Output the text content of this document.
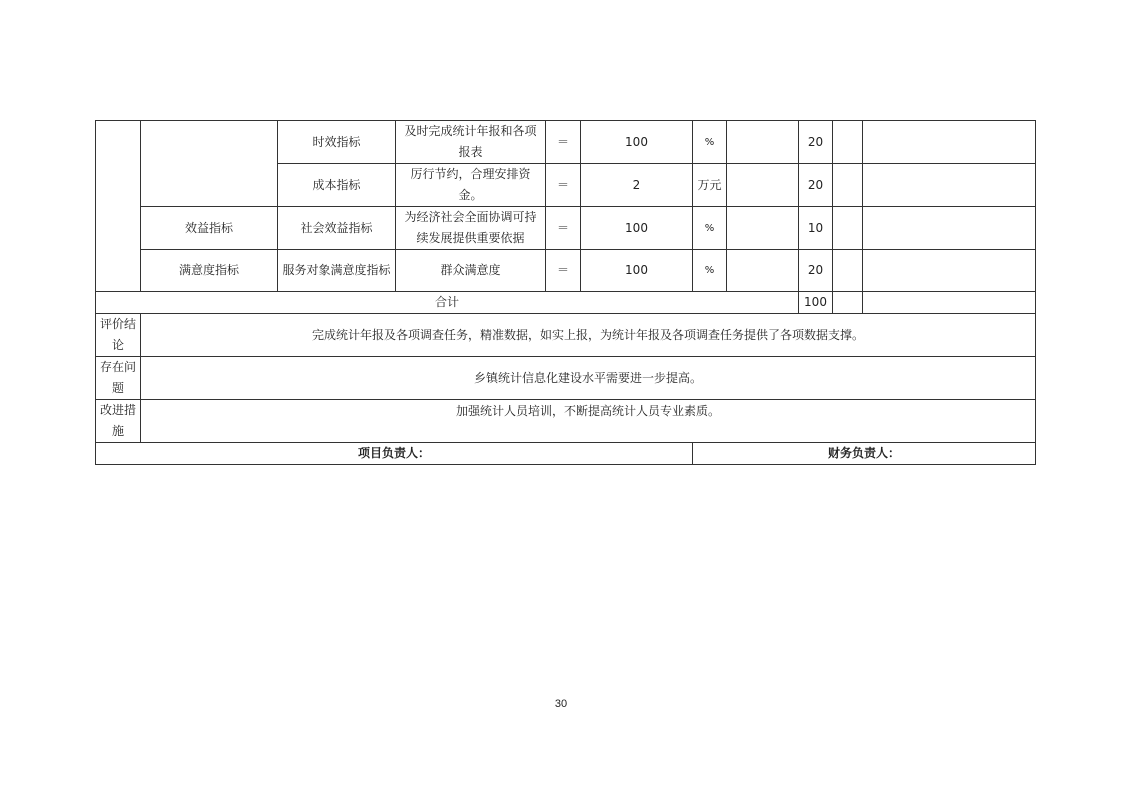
		时效指标	及时完成统计年报和各项报表	＝	100	%		20		
		成本指标	厉行节约，合理安排资金。	＝	2	万元		20		
	效益指标	社会效益指标	为经济社会全面协调可持续发展提供重要依据	＝	100	%		10		
	满意度指标	服务对象满意度指标	群众满意度	＝	100	%		20		
合计								100		
评价结论	完成统计年报及各项调查任务，精准数据，如实上报，为统计年报及各项调查任务提供了各项数据支撑。									
存在问题	乡镇统计信息化建设水平需要进一步提高。									
改进措施	加强统计人员培训，不断提高统计人员专业素质。									
项目负责人：						财务负责人：				
30
